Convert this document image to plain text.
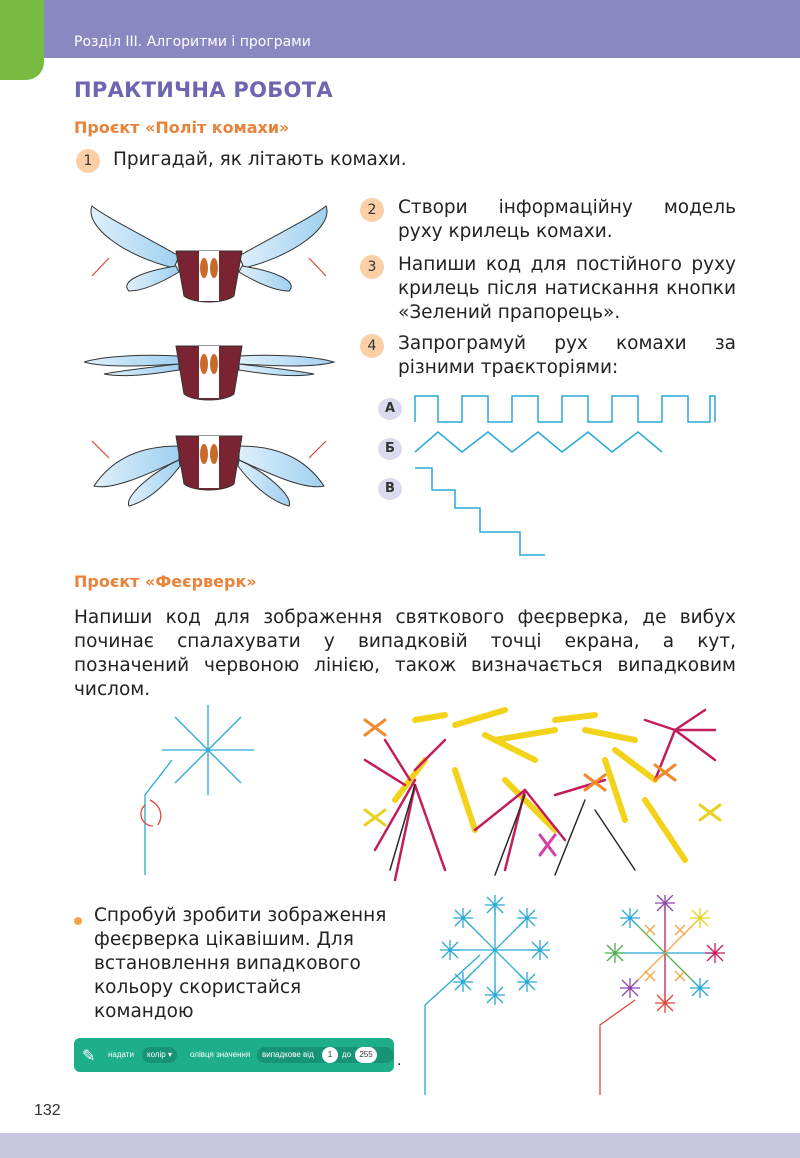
Розділ III. Алгоритми і програми
ПРАКТИЧНА РОБОТА
Проєкт «Політ комахи»
1	Пригадай, як літають комахи.
2	Створи інформаційну модель руху крилець комахи.
3	Напиши код для постійного руху крилець після натискання кнопки «Зелений прапорець».
4	Запрограмуй рух комахи за різними траєкторіями:
А
Б
В
Проєкт «Феєрверк»
Напиши код для зображення святкового феєрверка, де вибух починає спалахувати у випадковій точці екрана, а кут, позначений червоною лінією, також визначається випадковим числом.
Спробуй зробити зображення феєрверка цікавішим. Для встановлення випадкового кольору скористайся командою
✎ надати	колір ▾	олівця значення	випадкове від	1	до	255 .
132
